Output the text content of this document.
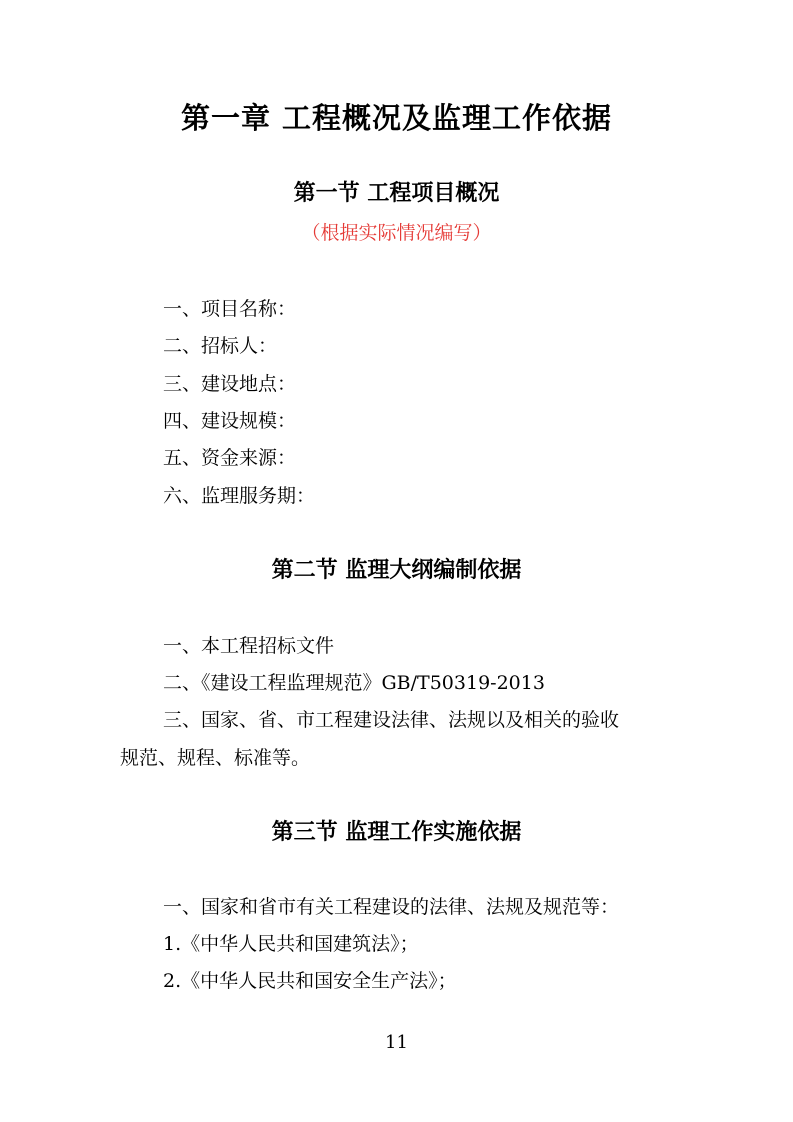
第一章 工程概况及监理工作依据
第一节 工程项目概况
（根据实际情况编写）
一、项目名称：
二、招标人：
三、建设地点：
四、建设规模：
五、资金来源：
六、监理服务期：
第二节 监理大纲编制依据
一、本工程招标文件
二、《建设工程监理规范》GB/T50319-2013
三、国家、省、市工程建设法律、法规以及相关的验收
规范、规程、标准等。
第三节 监理工作实施依据
一、国家和省市有关工程建设的法律、法规及规范等：
1.《中华人民共和国建筑法》；
2.《中华人民共和国安全生产法》；
11
